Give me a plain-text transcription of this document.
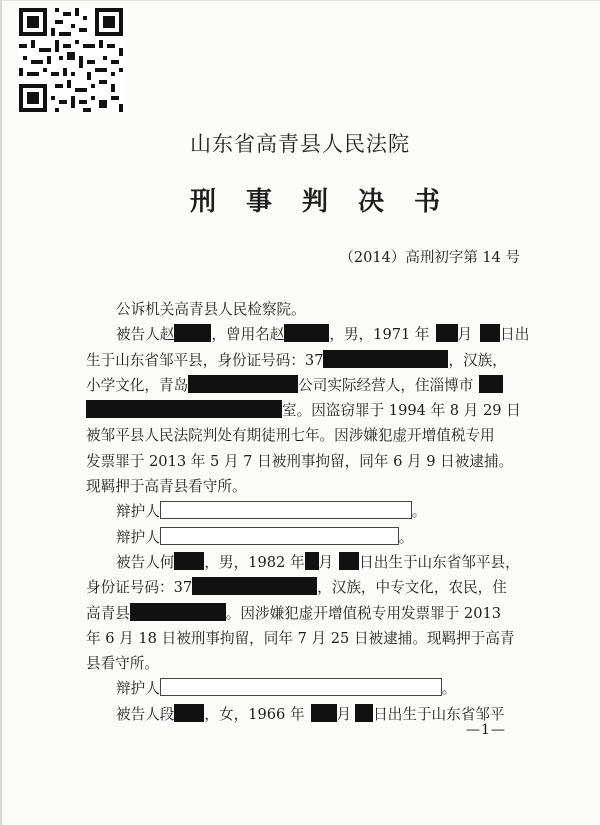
山东省高青县人民法院
刑事判决书
（2014）高刑初字第 14 号
公诉机关高青县人民检察院。
被告人赵	，曾用名赵	，男，1971 年 月 日出
生于山东省邹平县，身份证号码：37	，汉族，
小学文化，青岛	公司实际经营人，住淄博市
室。因盗窃罪于 1994 年 8 月 29 日
被邹平县人民法院判处有期徒刑七年。因涉嫌犯虚开增值税专用
发票罪于 2013 年 5 月 7 日被刑事拘留，同年 6 月 9 日被逮捕。
现羁押于高青县看守所。
辩护人	。
辩护人	。
被告人何 ，男，1982 年 月 日出生于山东省邹平县，
身份证号码：37	，汉族，中专文化，农民，住
高青县	。因涉嫌犯虚开增值税专用发票罪于 2013
年 6 月 18 日被刑事拘留，同年 7 月 25 日被逮捕。现羁押于高青
县看守所。
辩护人	。
被告人段 ，女，1966 年 月 日出生于山东省邹平
—1—
